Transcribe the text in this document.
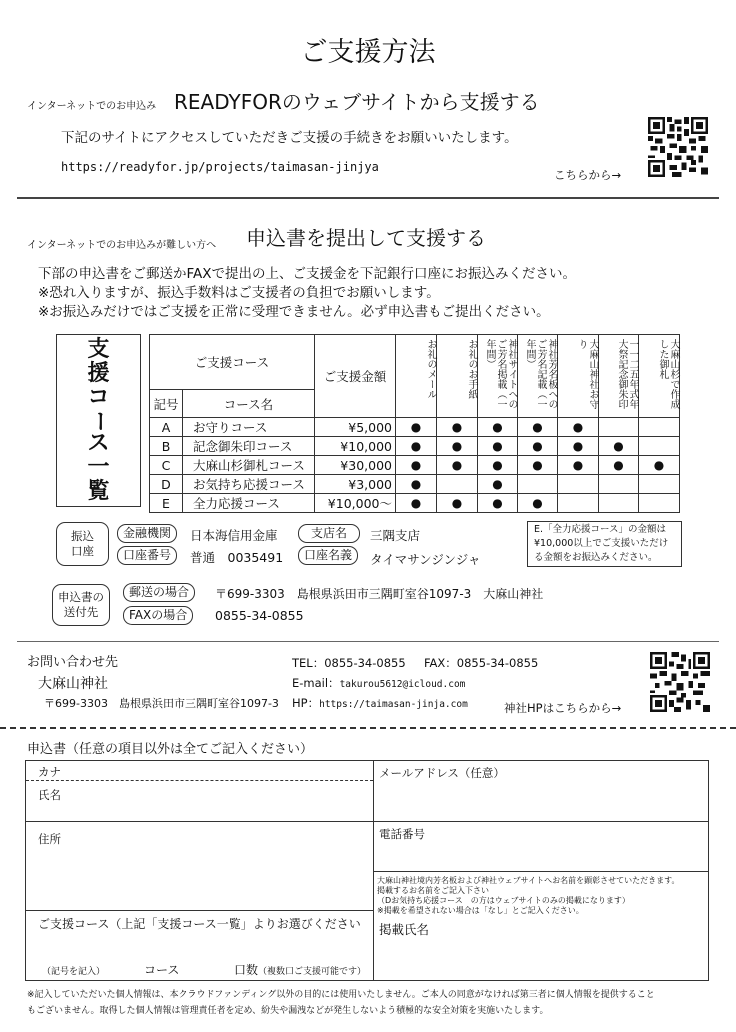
ご支援方法
インターネットでのお申込み READYFORのウェブサイトから支援する
下記のサイトにアクセスしていただきご支援の手続きをお願いいたします。
https://readyfor.jp/projects/taimasan-jinjya
こちらから→
インターネットでのお申込みが難しい方へ 申込書を提出して支援する
下部の申込書をご郵送かFAXで提出の上、ご支援金を下記銀行口座にお振込みください。
※恐れ入りますが、振込手数料はご支援者の負担でお願いします。
※お振込みだけではご支援を正常に受理できません。必ず申込書もご提出ください。
支
援
コ
ー
ス
一
覧
ご支援コース		ご支援金額	お礼のメール	お礼のお手紙	神社サイトへのご芳名掲載（一年間）	神社芳名板へのご芳名記載（一年間）	大麻山神社お守り	一一二五年式年大祭記念御朱印	大麻山杉で作成した御札

記号	コース名								
A	お守りコース	¥5,000	●	●	●	●	●		
B	記念御朱印コース	¥10,000	●	●	●	●	●	●	
C	大麻山杉御札コース	¥30,000	●	●	●	●	●	●	●
D	お気持ち応援コース	¥3,000	●		●				
E	全力応援コース	¥10,000〜	●	●	●	●			
振込
口座
金融機関	日本海信用金庫	支店名	三隅支店
口座番号	普通　0035491	口座名義	タイマサンジンジャ
E.「全力応援コース」の金額は¥10,000以上でご支援いただける金額をお振込みください。
申込書の
送付先
郵送の場合	〒699-3303　島根県浜田市三隅町室谷1097-3　大麻山神社
FAXの場合	0855-34-0855
お問い合わせ先
大麻山神社
〒699-3303　島根県浜田市三隅町室谷1097-3
TEL：0855-34-0855 FAX：0855-34-0855
E-mail：takurou5612@icloud.com
HP：https://taimasan-jinja.com	神社HPはこちらから→
申込書（任意の項目以外は全てご記入ください）
カナ
氏名
住所
メールアドレス（任意）
電話番号
大麻山神社境内芳名板および神社ウェブサイトへお名前を顕彰させていただきます。
掲載するお名前をご記入下さい
（Dお気持ち応援コース　の方はウェブサイトのみの掲載になります）
※掲載を希望されない場合は「なし」とご記入ください。
掲載氏名
ご支援コース（上記「支援コース一覧」よりお選びください
（記号を記入）	コース	口数（複数口ご支援可能です）
※記入していただいた個人情報は、本クラウドファンディング以外の目的には使用いたしません。ご本人の同意がなければ第三者に個人情報を提供すること
もございません。取得した個人情報は管理責任者を定め、紛失や漏洩などが発生しないよう積極的な安全対策を実施いたします。
